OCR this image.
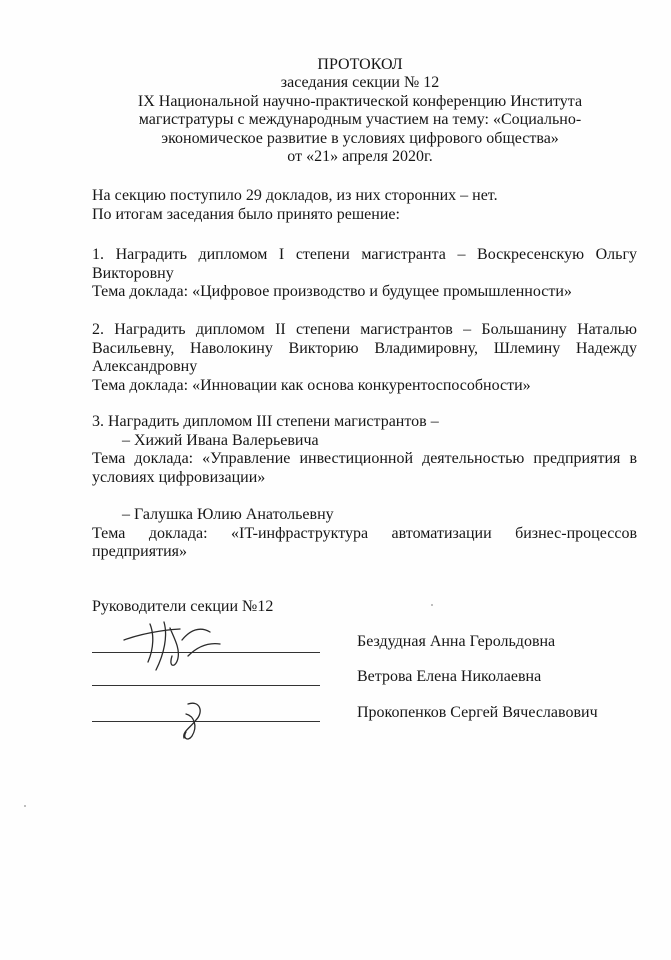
ПРОТОКОЛ
заседания секции № 12
IX Национальной научно-практической конференцию Института
магистратуры с международным участием на тему: «Социально-
экономическое развитие в условиях цифрового общества»
от «21» апреля 2020г.
На секцию поступило 29 докладов, из них сторонних – нет.
По итогам заседания было принято решение:
1. Наградить дипломом I степени магистранта – Воскресенскую Ольгу Викторовну
Тема доклада: «Цифровое производство и будущее промышленности»
2. Наградить дипломом II степени магистрантов – Большанину Наталью Васильевну, Наволокину Викторию Владимировну, Шлемину Надежду Александровну
Тема доклада: «Инновации как основа конкурентоспособности»
3. Наградить дипломом III степени магистрантов –
– Хижий Ивана Валерьевича
Тема доклада: «Управление инвестиционной деятельностью предприятия в условиях цифровизации»
– Галушка Юлию Анатольевну
Тема доклада: «IT-инфраструктура автоматизации бизнес-процессов предприятия»
Руководители секции №12
Бездудная Анна Герольдовна
Ветрова Елена Николаевна
Прокопенков Сергей Вячеславович
